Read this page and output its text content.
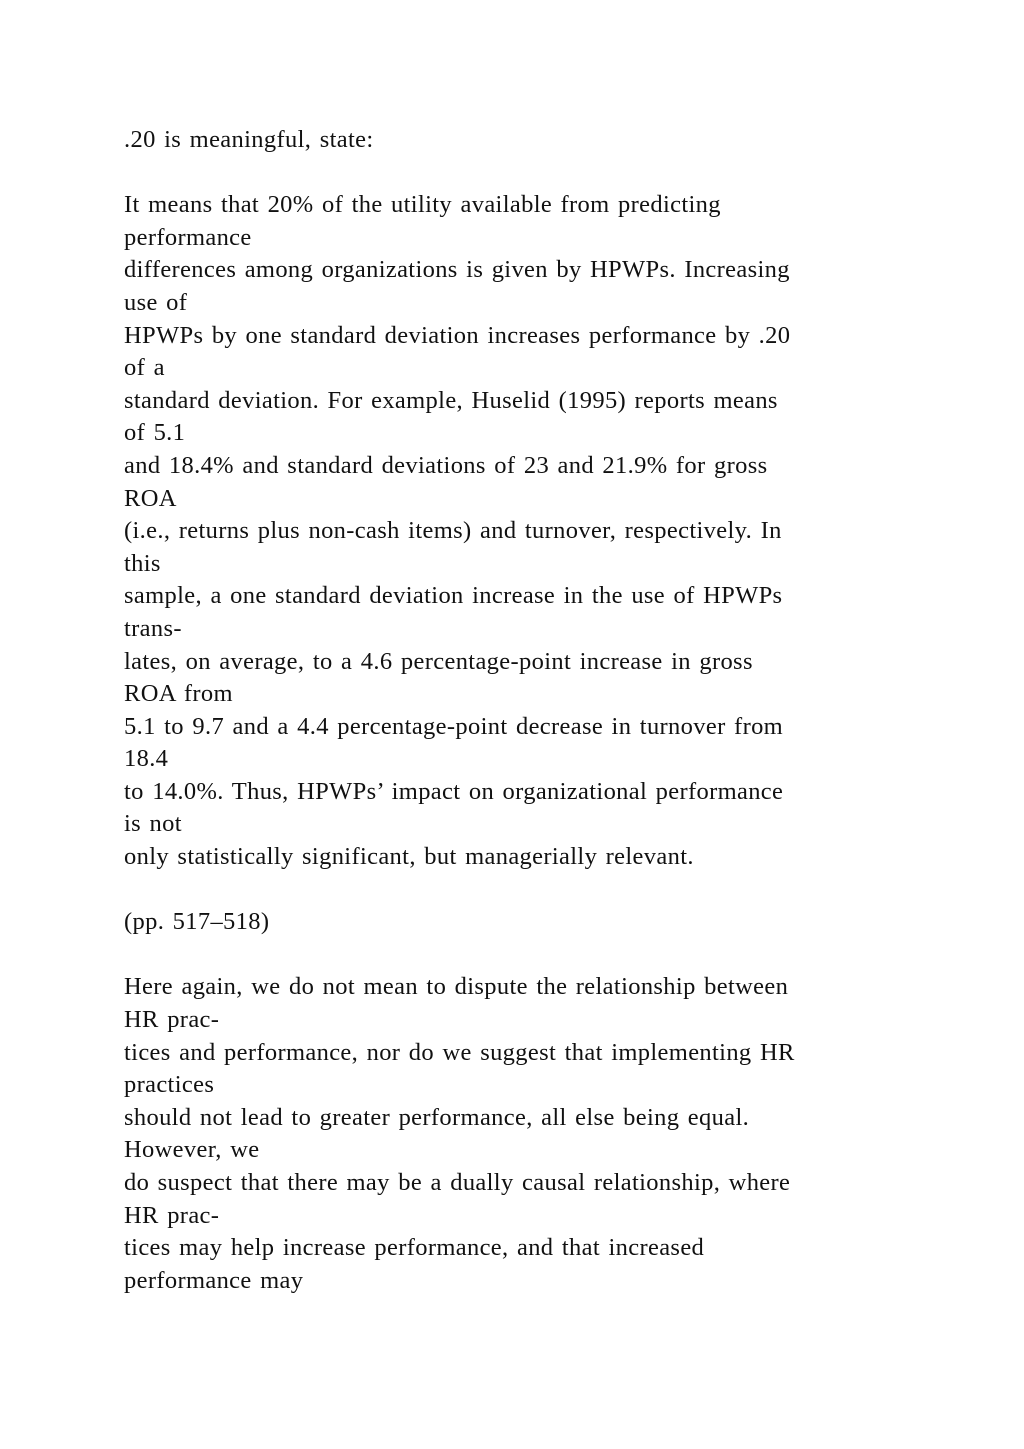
.20 is meaningful, state:
It means that 20% of the utility available from predicting
performance
differences among organizations is given by HPWPs. Increasing
use of
HPWPs by one standard deviation increases performance by .20
of a
standard deviation. For example, Huselid (1995) reports means
of 5.1
and 18.4% and standard deviations of 23 and 21.9% for gross
ROA
(i.e., returns plus non-cash items) and turnover, respectively. In
this
sample, a one standard deviation increase in the use of HPWPs
trans-
lates, on average, to a 4.6 percentage-point increase in gross
ROA from
5.1 to 9.7 and a 4.4 percentage-point decrease in turnover from
18.4
to 14.0%. Thus, HPWPs’ impact on organizational performance
is not
only statistically significant, but managerially relevant.
(pp. 517–518)
Here again, we do not mean to dispute the relationship between
HR prac-
tices and performance, nor do we suggest that implementing HR
practices
should not lead to greater performance, all else being equal.
However, we
do suspect that there may be a dually causal relationship, where
HR prac-
tices may help increase performance, and that increased
performance may
